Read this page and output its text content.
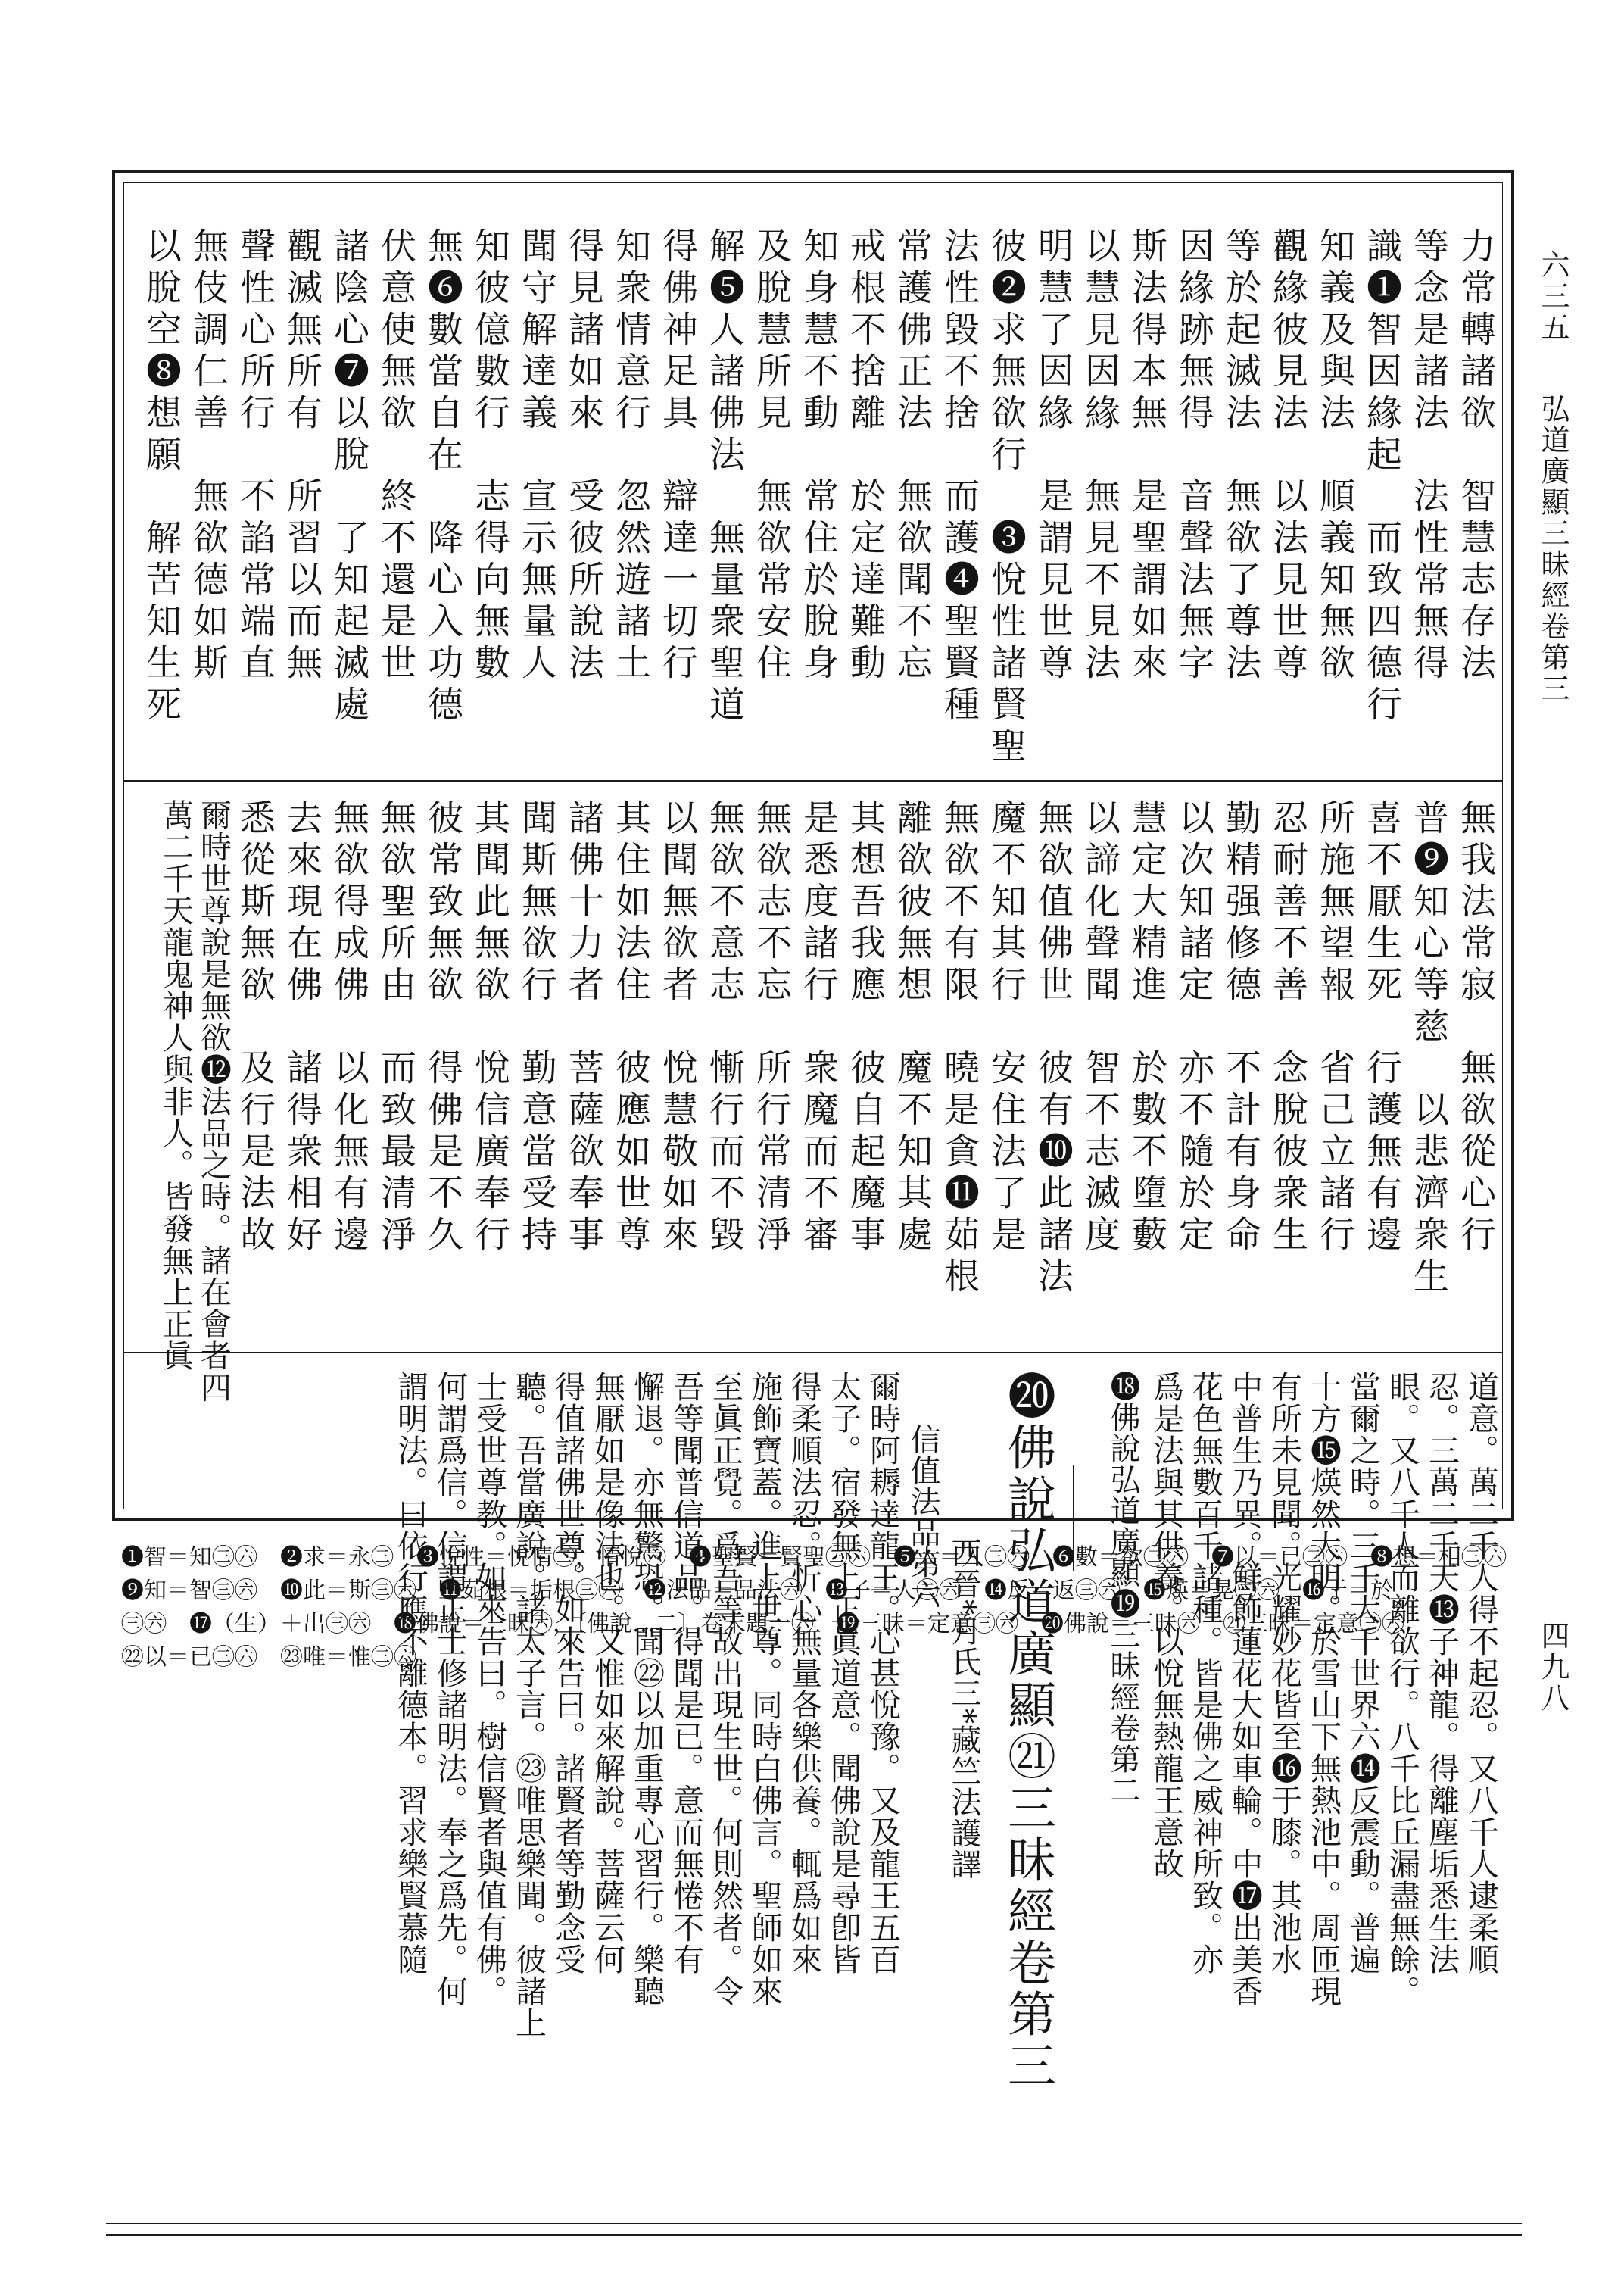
六三五
弘道廣顯三昧經卷第三
四九八
力常轉諸欲　智慧志存法
等念是諸法　法性常無得
識❶智因緣起　而致四德行
知義及與法　順義知無欲
觀緣彼見法　以法見世尊
等於起滅法　無欲了尊法
因緣跡無得　音聲法無字
斯法得本無　是聖謂如來
以慧見因緣　無見不見法
明慧了因緣　是謂見世尊
彼❷求無欲行　❸悅性諸賢聖
法性毀不捨　而護❹聖賢種
常護佛正法　無欲聞不忘
戒根不捨離　於定達難動
知身慧不動　常住於脫身
及脫慧所見　無欲常安住
解❺人諸佛法　無量衆聖道
得佛神足具　辯達一切行
知衆情意行　忽然遊諸土
得見諸如來　受彼所說法
聞守解達義　宣示無量人
知彼億數行　志得向無數
無❻數當自在　降心入功德
伏意使無欲　終不還是世
諸陰心❼以脫　了知起滅處
觀滅無所有　所習以而無
聲性心所行　不諂常端直
無伎調仁善　無欲德如斯
以脫空❽想願　解苦知生死
無我法常寂　無欲從心行
普❾知心等慈　以悲濟衆生
喜不厭生死　行護無有邊
所施無望報　省己立諸行
忍耐善不善　念脫彼衆生
勤精强修德　不計有身命
以次知諸定　亦不隨於定
慧定大精進　於數不墮藪
以諦化聲聞　智不志滅度
無欲值佛世　彼有❿此諸法
魔不知其行　安住法了是
無欲不有限　曉是貪⓫茹根
離欲彼無想　魔不知其處
其想吾我應　彼自起魔事
是悉度諸行　衆魔而不審
無欲志不忘　所行常清淨
無欲不意志　慚行而不毀
以聞無欲者　悅慧敬如來
其住如法住　彼應如世尊
諸佛十力者　菩薩欲奉事
聞斯無欲行　勤意當受持
其聞此無欲　悅信廣奉行
彼常致無欲　得佛是不久
無欲聖所由　而致最清淨
無欲得成佛　以化無有邊
去來現在佛　諸得衆相好
悉從斯無欲　及行是法故
爾時世尊說是無欲⓬法品之時。諸在會者四
萬二千天龍鬼神人與非人。皆發無上正眞
道意。萬二千人得不起忍。又八千人逮柔順
忍。三萬二千天⓭子神龍。得離塵垢悉生法
眼。又八千人而離欲行。八千比丘漏盡無餘。
當爾之時。三千大千世界六⓮反震動。普遍
十方⓯煐然大明。於雪山下無熱池中。周匝現
有所未見聞。光耀妙花皆至⓰于膝。其池水
中普生乃異。鮮飾蓮花大如車輪。中⓱出美香
花色無數百千諸種。皆是佛之威神所致。亦
爲是法與其供養。以悅無熱龍王意故
⓲佛說弘道廣顯⓳三昧經卷第二
⓴佛說弘道廣顯㉑三昧經卷第三
西晉*月氏三*藏竺法護譯
信值法品第六
爾時阿耨達龍王。心甚悅豫。又及龍王五百
太子。宿發無上正眞道意。聞佛說是尋卽皆
得柔順法忍。忻心無量各樂供養。輒爲如來
施飾寶蓋。進上世尊。同時白佛言。聖師如來
至眞正覺。爲吾等故出現生世。何則然者。令
吾等聞普信道品。得聞是已。意而無惓不有
懈退。亦無驚恐。聞㉒以加重專心習行。樂聽
無厭如是像法也。又惟如來解說。菩薩云何
得值諸佛世尊。如來告曰。諸賢者等勤念受
聽。吾當廣說。諸太子言。㉓唯思樂聞。彼諸上
士受世尊教。如來告曰。樹信賢者與值有佛。
何謂爲信。信謂正士修諸明法。奉之爲先。何
謂明法。曰依行應不離德本。習求樂賢慕隨
❶智＝知㊂㊅　❷求＝永㊂　❸悅性＝悅情㊂，情悅㊅　❹聖賢＝賢聖㊂㊅　❺人＝入㊂㊅　❻數＝欲㊂㊅　❼以＝已㊂㊅　❽想＝相㊂㊅
❾知＝智㊂㊅　❿此＝斯㊂㊅　⓫茹根＝垢根㊂㊅　⓬法品＝品法㊅　⓭子＝人㊂㊅　⓮反＝返㊂㊅　⓯煐＝晃㊂㊅　⓰于＝於
㊂㊅　⓱（生）＋出㊂㊅　⓲佛說＝三昧㊅，〔佛說…二〕卷末題一㊅　⓳三昧＝定意㊂㊅　⓴佛說＝三昧㊅　㉑三昧＝定意㊂㊅
㉒以＝已㊂㊅　㉓唯＝惟㊂㊅
